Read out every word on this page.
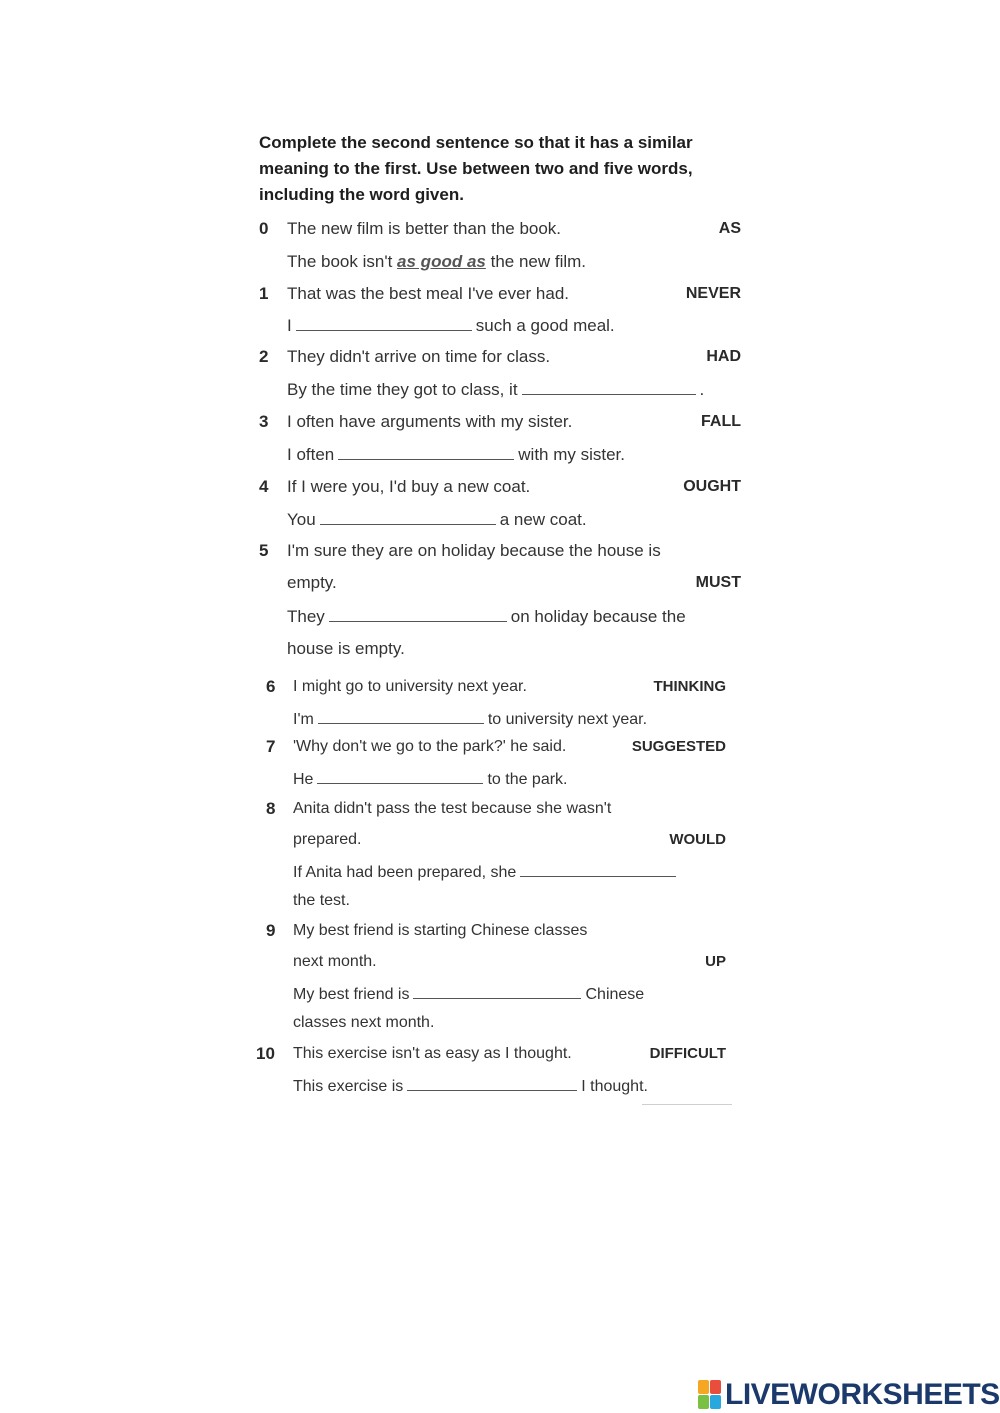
Complete the second sentence so that it has a similar meaning to the first. Use between two and five words, including the word given.

0 The new film is better than the book.	AS
The book isn't as good as the new film.
1 That was the best meal I've ever had.	NEVER
I	such a good meal.
2 They didn't arrive on time for class.	HAD
By the time they got to class, it	.
3 I often have arguments with my sister.	FALL
I often	with my sister.
4 If I were you, I'd buy a new coat.	OUGHT
You	a new coat.
5 I'm sure they are on holiday because the house is
empty.	MUST
They	on holiday because the
house is empty.
6 I might go to university next year.	THINKING
I'm	to university next year.
7 'Why don't we go to the park?' he said.	SUGGESTED
He	to the park.
8 Anita didn't pass the test because she wasn't
prepared.	WOULD
If Anita had been prepared, she
the test.
9 My best friend is starting Chinese classes
next month.	UP
My best friend is	Chinese
classes next month.
10 This exercise isn't as easy as I thought.	DIFFICULT
This exercise is	I thought.
LIVEWORKSHEETS
